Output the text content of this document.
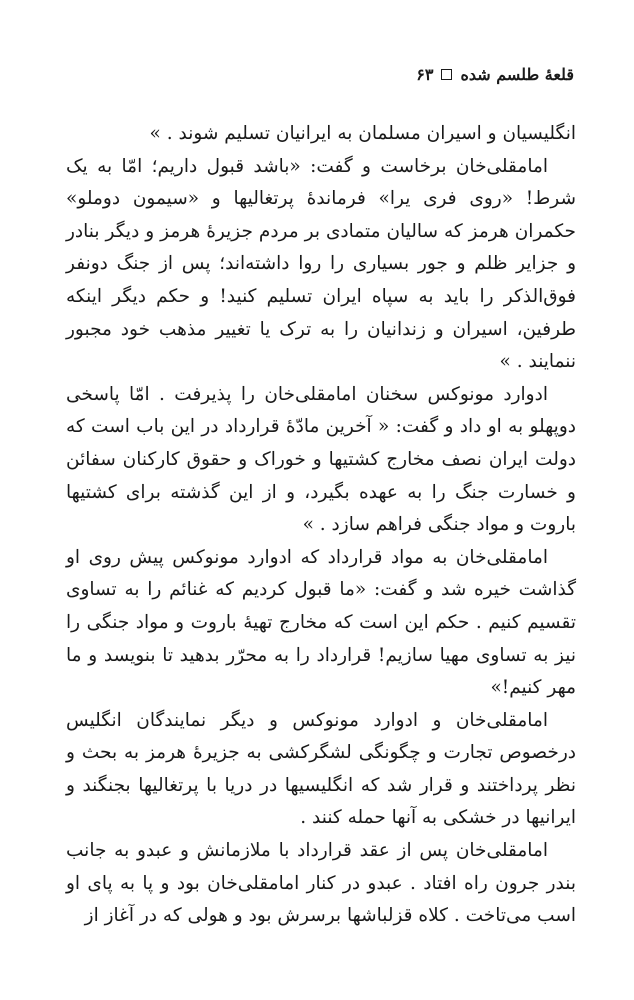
قلعهٔ طلسم شده
۶۳

انگلیسیان و اسیران مسلمان به ایرانیان تسلیم شوند . »

امامقلی‌خان برخاست و گفت: «باشد قبول داریم؛ امّا به یک شرط! «روی فری یرا» فرماندهٔ پرتغالیها و «سیمون دوملو» حکمران هرمز که سالیان متمادی بر مردم جزیرهٔ هرمز و دیگر بنادر و جزایر ظلم و جور بسیاری را روا داشته‌اند؛ پس از جنگ دونفر فوق‌الذکر را باید به سپاه ایران تسلیم کنید! و حکم دیگر اینکه طرفین، اسیران و زندانیان را به ترک یا تغییر مذهب خود مجبور ننمایند . »

ادوارد مونوکس سخنان امامقلی‌خان را پذیرفت . امّا پاسخی دوپهلو به او داد و گفت: « آخرین مادّهٔ قرارداد در این باب است که دولت ایران نصف مخارج کشتیها و خوراک و حقوق کارکنان سفائن و خسارت جنگ را به عهده بگیرد، و از این گذشته برای کشتیها باروت و مواد جنگی فراهم سازد . »

امامقلی‌خان به مواد قرارداد که ادوارد مونوکس پیش روی او گذاشت خیره شد و گفت: «ما قبول کردیم که غنائم را به تساوی تقسیم کنیم . حکم این است که مخارج تهیهٔ باروت و مواد جنگی را نیز به تساوی مهیا سازیم! قرارداد را به محرّر بدهید تا بنویسد و ما مهر کنیم!»

امامقلی‌خان و ادوارد مونوکس و دیگر نمایندگان انگلیس درخصوص تجارت و چگونگی لشگرکشی به جزیرهٔ هرمز به بحث و نظر پرداختند و قرار شد که انگلیسیها در دریا با پرتغالیها بجنگند و ایرانیها در خشکی به آنها حمله کنند .

امامقلی‌خان پس از عقد قرارداد با ملازمانش و عبدو به جانب بندر جرون راه افتاد . عبدو در کنار امامقلی‌خان بود و پا به پای او اسب می‌تاخت . کلاه قزلباشها برسرش بود و هولی که در آغاز از
